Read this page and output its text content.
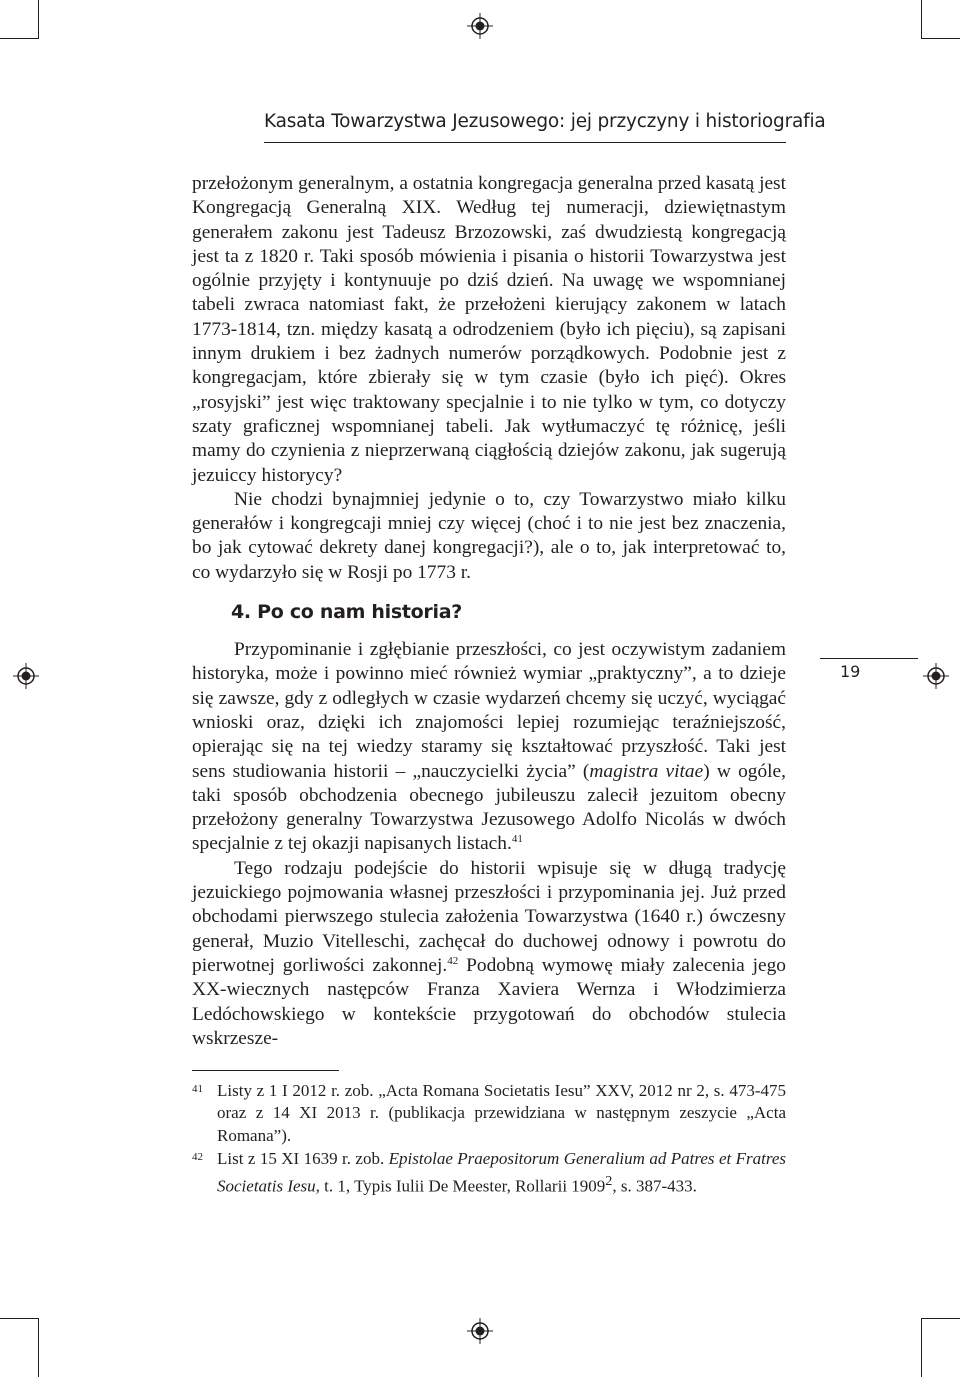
Kasata Towarzystwa Jezusowego: jej przyczyny i historiografia
19

przełożonym generalnym, a ostatnia kongregacja generalna przed kasatą jest Kongregacją Generalną XIX. Według tej numeracji, dziewiętnastym generałem zakonu jest Tadeusz Brzozowski, zaś dwudziestą kongregacją jest ta z 1820 r. Taki sposób mówienia i pisania o historii Towarzystwa jest ogólnie przyjęty i kontynuuje po dziś dzień. Na uwagę we wspomnianej tabeli zwraca natomiast fakt, że przełożeni kierujący zakonem w latach 1773-1814, tzn. między kasatą a odrodzeniem (było ich pięciu), są zapisani innym drukiem i bez żadnych numerów porządkowych. Podobnie jest z kongregacjam, które zbierały się w tym czasie (było ich pięć). Okres „rosyjski” jest więc traktowany specjalnie i to nie tylko w tym, co dotyczy szaty graficznej wspomnianej tabeli. Jak wytłumaczyć tę różnicę, jeśli mamy do czynienia z nieprzerwaną ciągłością dziejów zakonu, jak sugerują jezuiccy historycy?

Nie chodzi bynajmniej jedynie o to, czy Towarzystwo miało kilku generałów i kongregcaji mniej czy więcej (choć i to nie jest bez znaczenia, bo jak cytować dekrety danej kongregacji?), ale o to, jak interpretować to, co wydarzyło się w Rosji po 1773 r.

4. Po co nam historia?

Przypominanie i zgłębianie przeszłości, co jest oczywistym zadaniem historyka, może i powinno mieć również wymiar „praktyczny”, a to dzieje się zawsze, gdy z odległych w czasie wydarzeń chcemy się uczyć, wyciągać wnioski oraz, dzięki ich znajomości lepiej rozumiejąc teraźniejszość, opierając się na tej wiedzy staramy się kształtować przyszłość. Taki jest sens studiowania historii – „nauczycielki życia” (magistra vitae) w ogóle, taki sposób obchodzenia obecnego jubileuszu zalecił jezuitom obecny przełożony generalny Towarzystwa Jezusowego Adolfo Nicolás w dwóch specjalnie z tej okazji napisanych listach.$^{41}$

Tego rodzaju podejście do historii wpisuje się w długą tradycję jezuickiego pojmowania własnej przeszłości i przypominania jej. Już przed obchodami pierwszego stulecia założenia Towarzystwa (1640 r.) ówczesny generał, Muzio Vitelleschi, zachęcał do duchowej odnowy i powrotu do pierwotnej gorliwości zakonnej.$^{42}$ Podobną wymowę miały zalecenia jego XX-wiecznych następców Franza Xaviera Wernza i Włodzimierza Ledóchowskiego w kontekście przygotowań do obchodów stulecia wskrzesze-

41 Listy z 1 I 2012 r. zob. „Acta Romana Societatis Iesu” XXV, 2012 nr 2, s. 473-475 oraz z 14 XI 2013 r. (publikacja przewidziana w następnym zeszycie „Acta Romana”).
42 List z 15 XI 1639 r. zob. Epistolae Praepositorum Generalium ad Patres et Fratres Societatis Iesu, t. 1, Typis Iulii De Meester, Rollarii 1909$^2$, s. 387-433.
